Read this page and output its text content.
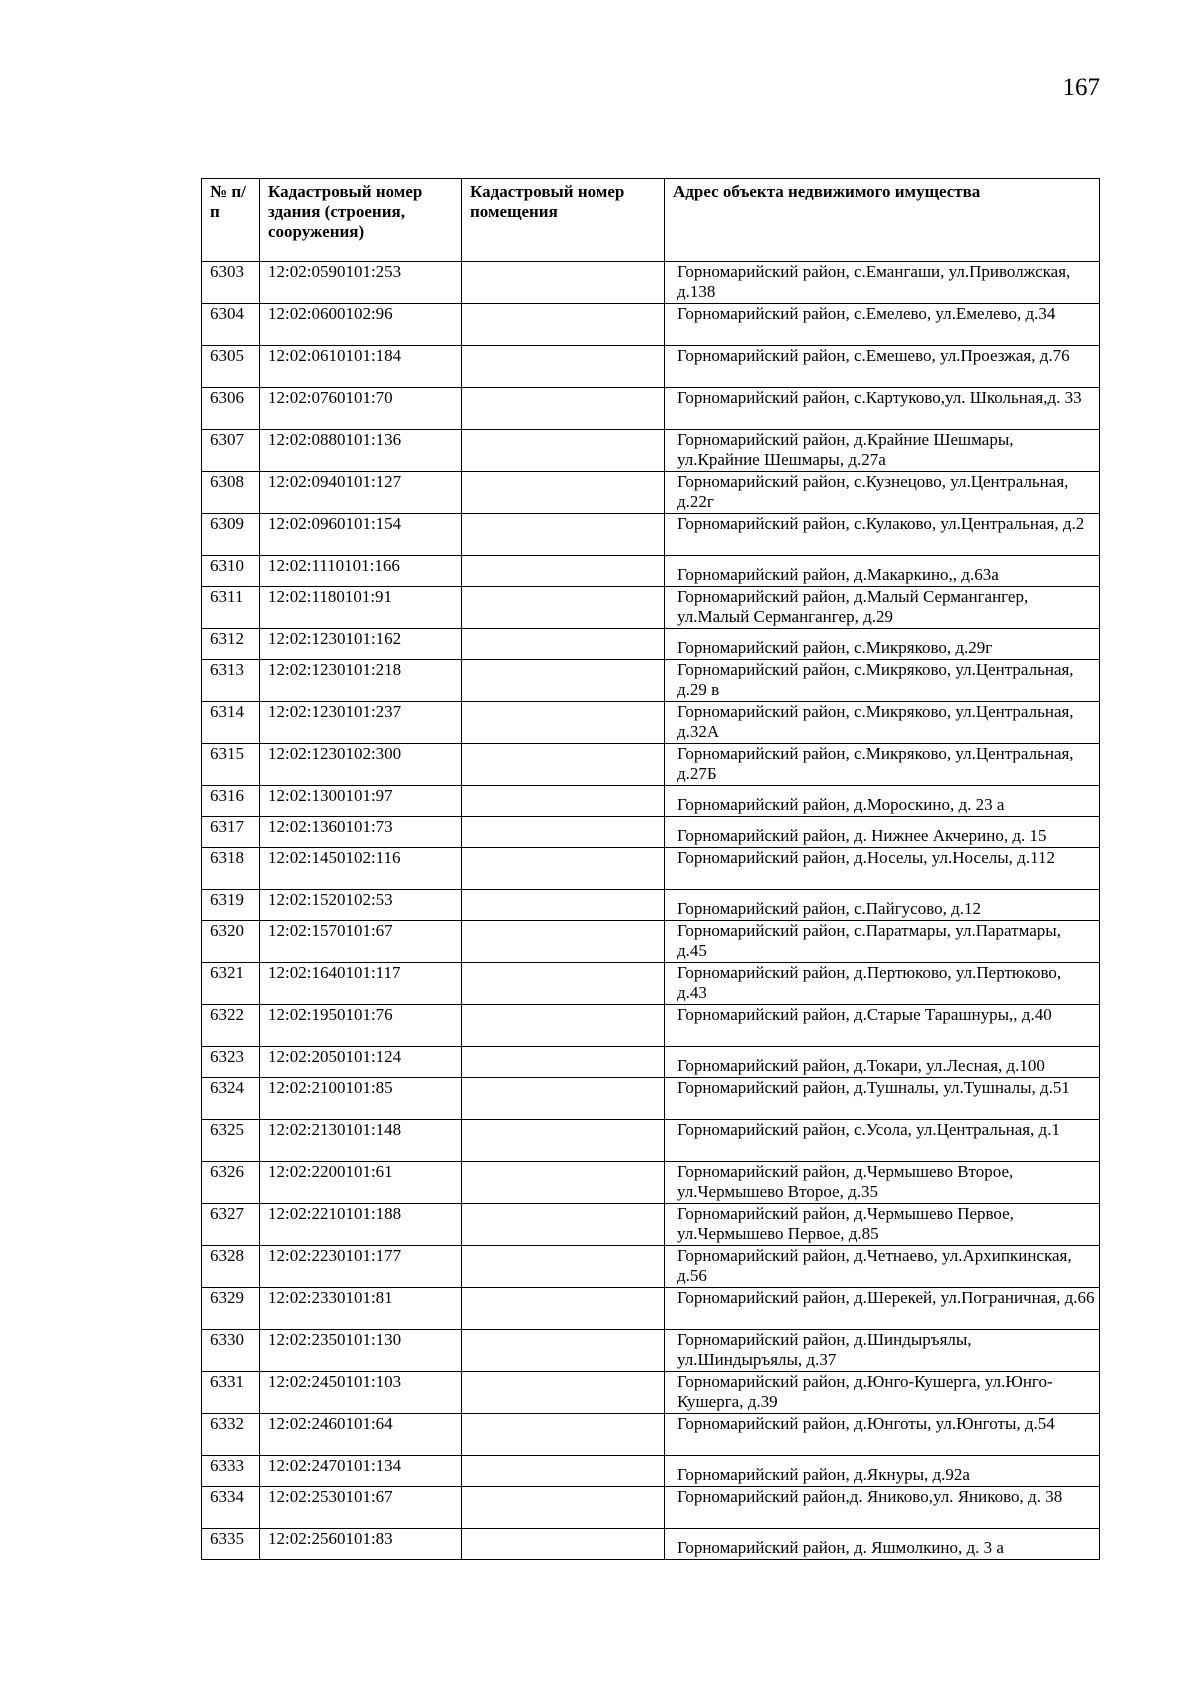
167
№ п/п	Кадастровый номер здания (строения, сооружения)	Кадастровый номер помещения	Адрес объекта недвижимого имущества
6303	12:02:0590101:253		Горномарийский район, с.Емангаши, ул.Приволжская, д.138

6304	12:02:0600102:96		Горномарийский район, с.Емелево, ул.Емелево, д.34

6305	12:02:0610101:184		Горномарийский район, с.Емешево, ул.Проезжая, д.76

6306	12:02:0760101:70		Горномарийский район, с.Картуково,ул. Школьная,д. 33

6307	12:02:0880101:136		Горномарийский район, д.Крайние Шешмары, ул.Крайние Шешмары, д.27а

6308	12:02:0940101:127		Горномарийский район, с.Кузнецово, ул.Центральная, д.22г

6309	12:02:0960101:154		Горномарийский район, с.Кулаково, ул.Центральная, д.2

6310	12:02:1110101:166		Горномарийский район, д.Макаркино,, д.63а

6311	12:02:1180101:91		Горномарийский район, д.Малый Сермангангер, ул.Малый Сермангангер, д.29

6312	12:02:1230101:162		Горномарийский район, с.Микряково, д.29г

6313	12:02:1230101:218		Горномарийский район, с.Микряково, ул.Центральная, д.29 в

6314	12:02:1230101:237		Горномарийский район, с.Микряково, ул.Центральная, д.32А

6315	12:02:1230102:300		Горномарийский район, с.Микряково, ул.Центральная, д.27Б

6316	12:02:1300101:97		Горномарийский район, д.Мороскино, д. 23 а

6317	12:02:1360101:73		Горномарийский район, д. Нижнее Акчерино, д. 15

6318	12:02:1450102:116		Горномарийский район, д.Носелы, ул.Носелы, д.112

6319	12:02:1520102:53		Горномарийский район, с.Пайгусово, д.12

6320	12:02:1570101:67		Горномарийский район, с.Паратмары, ул.Паратмары, д.45

6321	12:02:1640101:117		Горномарийский район, д.Пертюково, ул.Пертюково, д.43

6322	12:02:1950101:76		Горномарийский район, д.Старые Тарашнуры,, д.40

6323	12:02:2050101:124		Горномарийский район, д.Токари, ул.Лесная, д.100

6324	12:02:2100101:85		Горномарийский район, д.Тушналы, ул.Тушналы, д.51

6325	12:02:2130101:148		Горномарийский район, с.Усола, ул.Центральная, д.1

6326	12:02:2200101:61		Горномарийский район, д.Чермышево Второе, ул.Чермышево Второе, д.35

6327	12:02:2210101:188		Горномарийский район, д.Чермышево Первое, ул.Чермышево Первое, д.85

6328	12:02:2230101:177		Горномарийский район, д.Четнаево, ул.Архипкинская, д.56

6329	12:02:2330101:81		Горномарийский район, д.Шерекей, ул.Пограничная, д.66

6330	12:02:2350101:130		Горномарийский район, д.Шиндыръялы, ул.Шиндыръялы, д.37

6331	12:02:2450101:103		Горномарийский район, д.Юнго-Кушерга, ул.Юнго-Кушерга, д.39

6332	12:02:2460101:64		Горномарийский район, д.Юнготы, ул.Юнготы, д.54

6333	12:02:2470101:134		Горномарийский район, д.Якнуры, д.92а

6334	12:02:2530101:67		Горномарийский район,д. Яниково,ул. Яниково, д. 38

6335	12:02:2560101:83		Горномарийский район, д. Яшмолкино, д. 3 а
